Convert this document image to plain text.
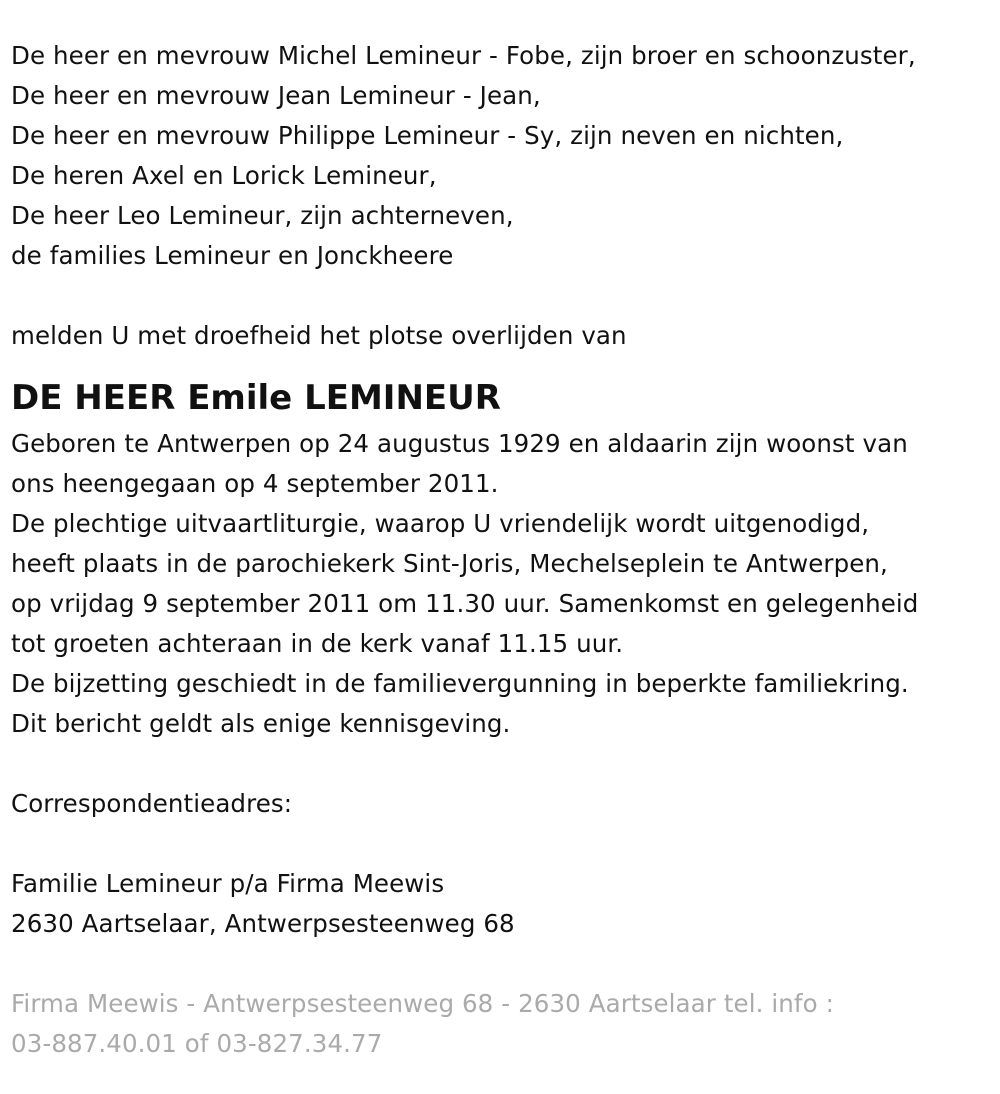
De heer en mevrouw Michel Lemineur - Fobe, zijn broer en schoonzuster,
De heer en mevrouw Jean Lemineur - Jean,
De heer en mevrouw Philippe Lemineur - Sy, zijn neven en nichten,
De heren Axel en Lorick Lemineur,
De heer Leo Lemineur, zijn achterneven,
de families Lemineur en Jonckheere
melden U met droefheid het plotse overlijden van
DE HEER Emile LEMINEUR
Geboren te Antwerpen op 24 augustus 1929 en aldaarin zijn woonst van
ons heengegaan op 4 september 2011.
De plechtige uitvaartliturgie, waarop U vriendelijk wordt uitgenodigd,
heeft plaats in de parochiekerk Sint-Joris, Mechelseplein te Antwerpen,
op vrijdag 9 september 2011 om 11.30 uur. Samenkomst en gelegenheid
tot groeten achteraan in de kerk vanaf 11.15 uur.
De bijzetting geschiedt in de familievergunning in beperkte familiekring.
Dit bericht geldt als enige kennisgeving.
Correspondentieadres:
Familie Lemineur p/a Firma Meewis
2630 Aartselaar, Antwerpsesteenweg 68
Firma Meewis - Antwerpsesteenweg 68 - 2630 Aartselaar tel. info :
03-887.40.01 of 03-827.34.77
